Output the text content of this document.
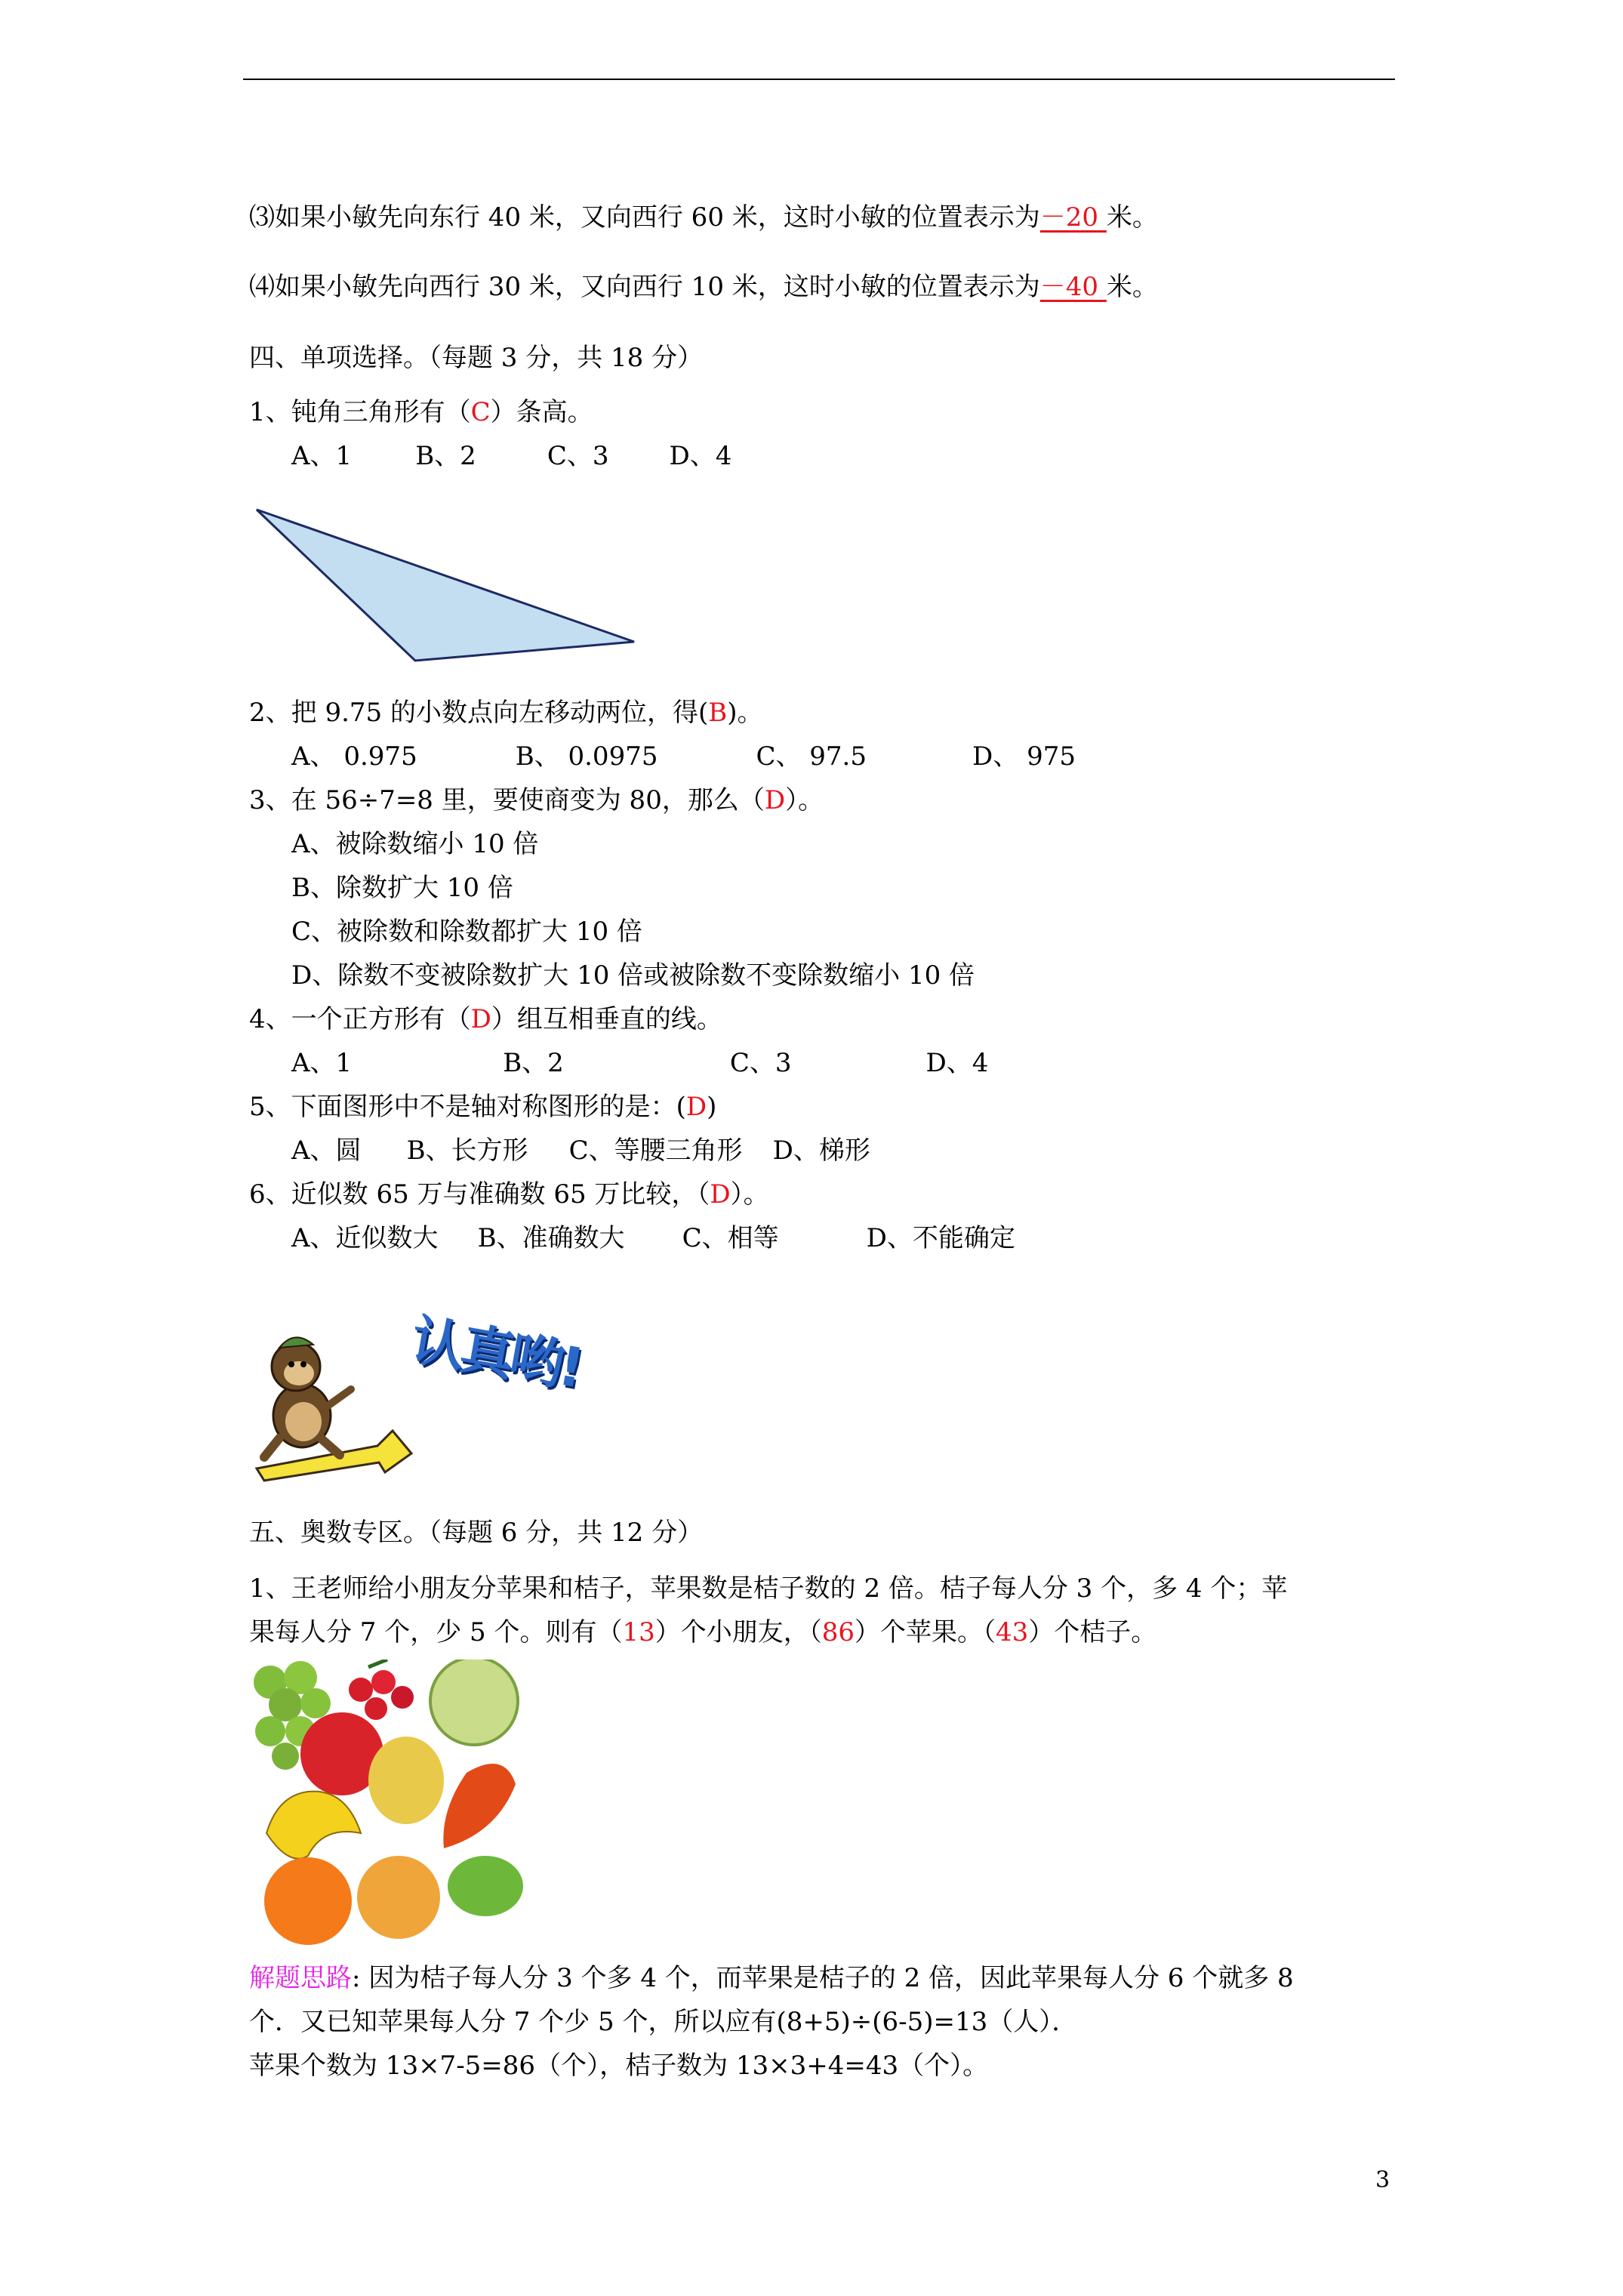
⑶如果小敏先向东行 40 米，又向西行 60 米，这时小敏的位置表示为－20 米。
⑷如果小敏先向西行 30 米，又向西行 10 米，这时小敏的位置表示为－40 米。
四、单项选择。（每题 3 分，共 18 分）
1、钝角三角形有（C）条高。
A、1 B、2	C、3 D、4
2、把 9.75 的小数点向左移动两位，得(B)。
A、 0.975	B、 0.0975	C、 97.5	D、 975
3、在 56÷7=8 里，要使商变为 80，那么（D）。
A、被除数缩小 10 倍
B、除数扩大 10 倍
C、被除数和除数都扩大 10 倍
D、除数不变被除数扩大 10 倍或被除数不变除数缩小 10 倍
4、一个正方形有（D）组互相垂直的线。
A、1	B、2	C、3	D、4
5、下面图形中不是轴对称图形的是：(D)
A、圆 B、长方形 C、等腰三角形 D、梯形
6、近似数 65 万与准确数 65 万比较，（D）。
A、近似数大 B、准确数大 C、相等	D、不能确定
认真哟!
五、奥数专区。（每题 6 分，共 12 分）
1、王老师给小朋友分苹果和桔子，苹果数是桔子数的 2 倍。桔子每人分 3 个，多 4 个；苹
果每人分 7 个，少 5 个。则有（13）个小朋友，（86）个苹果。（43）个桔子。
解题思路: 因为桔子每人分 3 个多 4 个，而苹果是桔子的 2 倍，因此苹果每人分 6 个就多 8
个．又已知苹果每人分 7 个少 5 个，所以应有(8+5)÷(6-5)=13（人）．
苹果个数为 13×7-5=86（个），桔子数为 13×3+4=43（个）。
3
